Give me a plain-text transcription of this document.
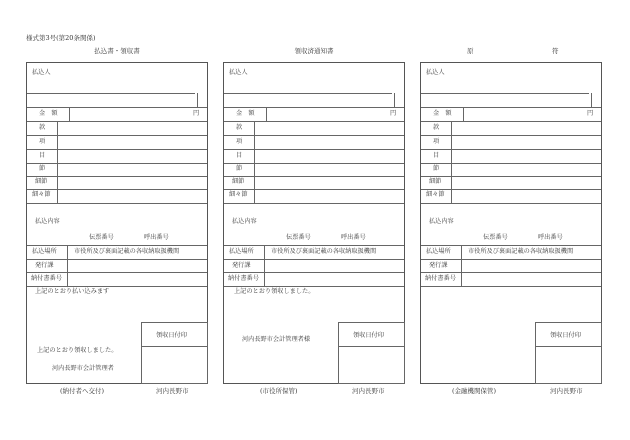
様式第3号(第20条関係)
払込書・領収書	領収済通知書	原	符
払込人
金　額	円
款
項
目
節
細節
細々節
払込内容
伝票番号	呼出番号
払込場所	市役所及び裏面記載の各収納取扱機関
発行課
納付書番号
上記のとおり払い込みます
領収日付印
上記のとおり領収しました。
河内長野市会計管理者
(納付者へ交付)	河内長野市
払込人
金　額	円
款
項
目
節
細節
細々節
払込内容
伝票番号	呼出番号
払込場所	市役所及び裏面記載の各収納取扱機関
発行課
納付書番号
上記のとおり領収しました。
領収日付印
河内長野市会計管理者様
(市役所保管)	河内長野市
払込人
金　額	円
款
項
目
節
細節
細々節
払込内容
伝票番号	呼出番号
払込場所	市役所及び裏面記載の各収納取扱機関
発行課
納付書番号
領収日付印
(金融機関保管)	河内長野市
